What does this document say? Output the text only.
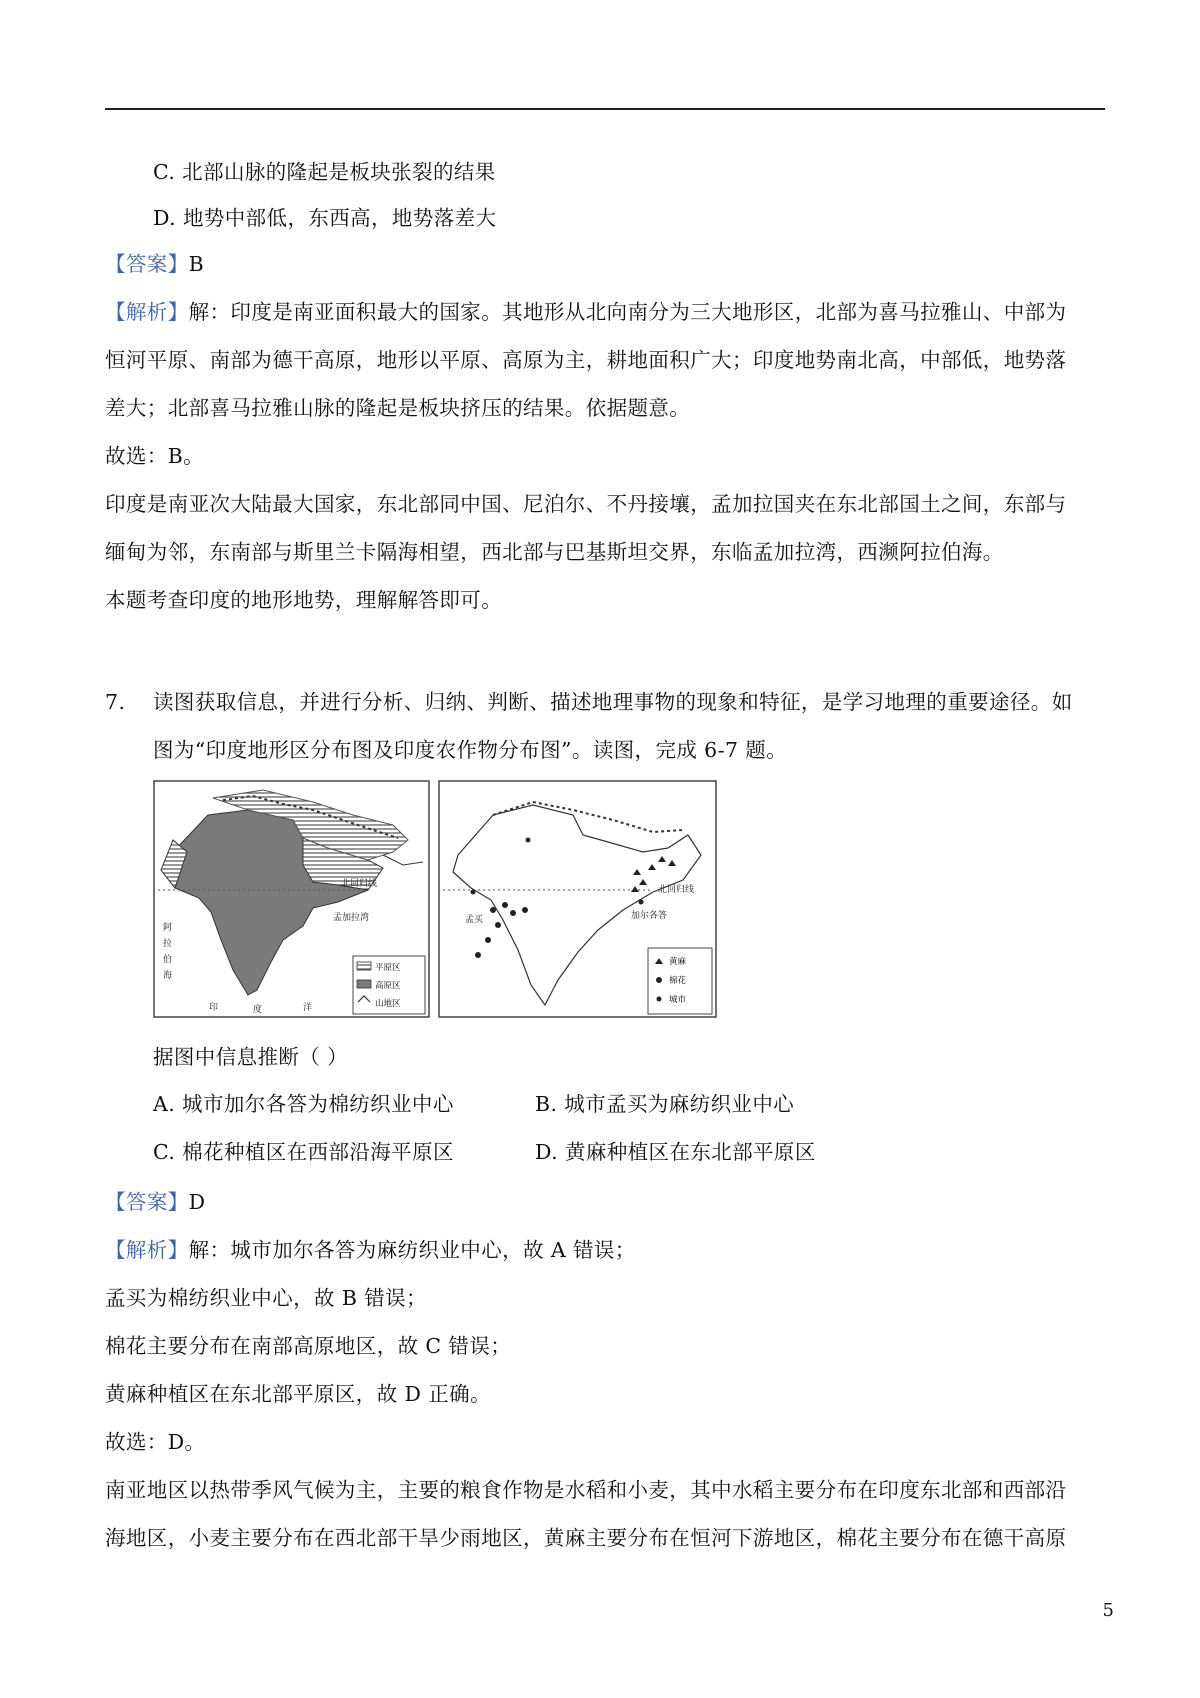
C. 北部山脉的隆起是板块张裂的结果
D. 地势中部低，东西高，地势落差大
【答案】B
【解析】解：印度是南亚面积最大的国家。其地形从北向南分为三大地形区，北部为喜马拉雅山、中部为
恒河平原、南部为德干高原，地形以平原、高原为主，耕地面积广大；印度地势南北高，中部低，地势落
差大；北部喜马拉雅山脉的隆起是板块挤压的结果。依据题意。
故选：B。
印度是南亚次大陆最大国家，东北部同中国、尼泊尔、不丹接壤，孟加拉国夹在东北部国土之间，东部与
缅甸为邻，东南部与斯里兰卡隔海相望，西北部与巴基斯坦交界，东临孟加拉湾，西濒阿拉伯海。
本题考查印度的地形地势，理解解答即可。
7. 读图获取信息，并进行分析、归纳、判断、描述地理事物的现象和特征，是学习地理的重要途径。如
图为“印度地形区分布图及印度农作物分布图”。读图，完成 6-7 题。
北回归线
孟加拉湾
阿
拉
伯
海
印	度	洋
平原区
高原区
山地区
北回归线
孟买	加尔各答
黄麻
棉花
城市
据图中信息推断（ ）
A. 城市加尔各答为棉纺织业中心	B. 城市孟买为麻纺织业中心
C. 棉花种植区在西部沿海平原区	D. 黄麻种植区在东北部平原区
【答案】D
【解析】解：城市加尔各答为麻纺织业中心，故 A 错误；
孟买为棉纺织业中心，故 B 错误；
棉花主要分布在南部高原地区，故 C 错误；
黄麻种植区在东北部平原区，故 D 正确。
故选：D。
南亚地区以热带季风气候为主，主要的粮食作物是水稻和小麦，其中水稻主要分布在印度东北部和西部沿
海地区，小麦主要分布在西北部干旱少雨地区，黄麻主要分布在恒河下游地区，棉花主要分布在德干高原
5
